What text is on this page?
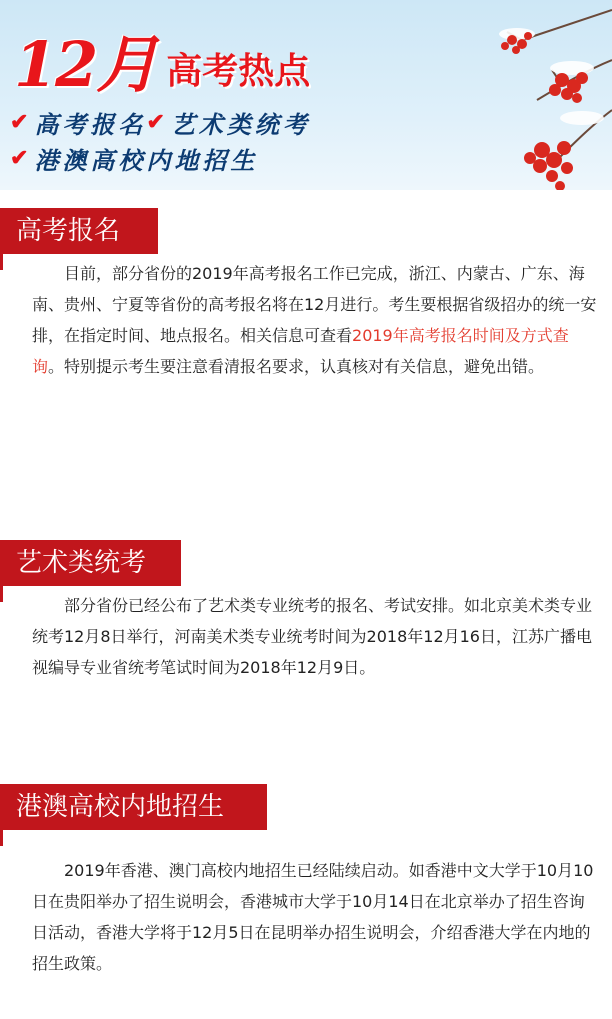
12月 高考热点
✔ 高考报名 ✔ 艺术类统考
✔ 港澳高校内地招生
高考报名

目前，部分省份的2019年高考报名工作已完成，浙江、内蒙古、广东、海南、贵州、宁夏等省份的高考报名将在12月进行。考生要根据省级招办的统一安排，在指定时间、地点报名。相关信息可查看2019年高考报名时间及方式查询。特别提示考生要注意看清报名要求，认真核对有关信息，避免出错。

艺术类统考

部分省份已经公布了艺术类专业统考的报名、考试安排。如北京美术类专业统考12月8日举行，河南美术类专业统考时间为2018年12月16日，江苏广播电视编导专业省统考笔试时间为2018年12月9日。

港澳高校内地招生

2019年香港、澳门高校内地招生已经陆续启动。如香港中文大学于10月10日在贵阳举办了招生说明会，香港城市大学于10月14日在北京举办了招生咨询日活动，香港大学将于12月5日在昆明举办招生说明会，介绍香港大学在内地的招生政策。
